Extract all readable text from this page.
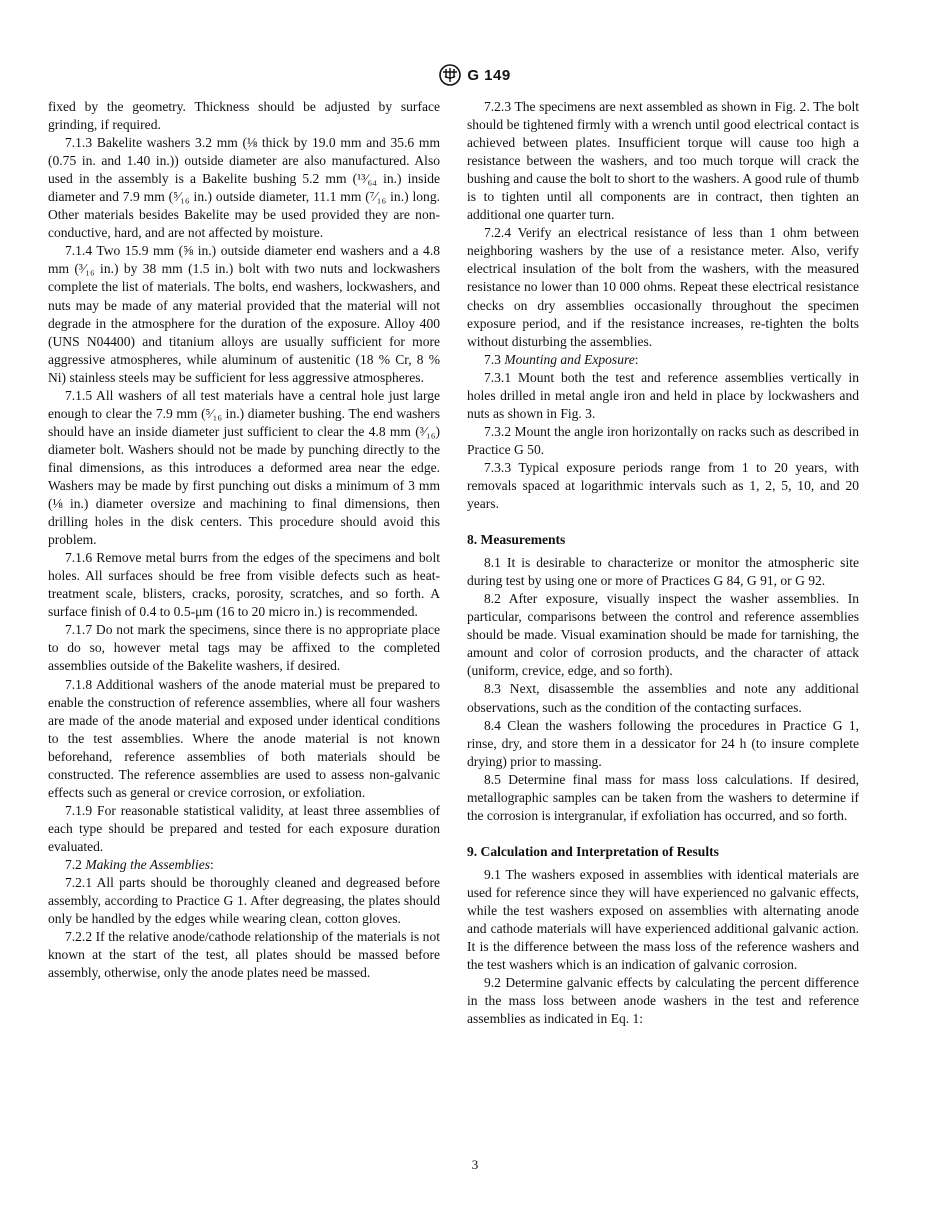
G 149

fixed by the geometry. Thickness should be adjusted by surface grinding, if required.

7.1.3 Bakelite washers 3.2 mm (⅛ thick by 19.0 mm and 35.6 mm (0.75 in. and 1.40 in.)) outside diameter are also manufactured. Also used in the assembly is a Bakelite bushing 5.2 mm (¹³⁄₆₄ in.) inside diameter and 7.9 mm (⁵⁄₁₆ in.) outside diameter, 11.1 mm (⁷⁄₁₆ in.) long. Other materials besides Bakelite may be used provided they are non-conductive, hard, and are not affected by moisture.

7.1.4 Two 15.9 mm (⅝ in.) outside diameter end washers and a 4.8 mm (³⁄₁₆ in.) by 38 mm (1.5 in.) bolt with two nuts and lockwashers complete the list of materials. The bolts, end washers, lockwashers, and nuts may be made of any material provided that the material will not degrade in the atmosphere for the duration of the exposure. Alloy 400 (UNS N04400) and titanium alloys are usually sufficient for more aggressive atmospheres, while aluminum of austenitic (18 % Cr, 8 % Ni) stainless steels may be sufficient for less aggressive atmospheres.

7.1.5 All washers of all test materials have a central hole just large enough to clear the 7.9 mm (⁵⁄₁₆ in.) diameter bushing. The end washers should have an inside diameter just sufficient to clear the 4.8 mm (³⁄₁₆) diameter bolt. Washers should not be made by punching directly to the final dimensions, as this introduces a deformed area near the edge. Washers may be made by first punching out disks a minimum of 3 mm (⅛ in.) diameter oversize and machining to final dimensions, then drilling holes in the disk centers. This procedure should avoid this problem.

7.1.6 Remove metal burrs from the edges of the specimens and bolt holes. All surfaces should be free from visible defects such as heat-treatment scale, blisters, cracks, porosity, scratches, and so forth. A surface finish of 0.4 to 0.5-μm (16 to 20 micro in.) is recommended.

7.1.7 Do not mark the specimens, since there is no appropriate place to do so, however metal tags may be affixed to the completed assemblies outside of the Bakelite washers, if desired.

7.1.8 Additional washers of the anode material must be prepared to enable the construction of reference assemblies, where all four washers are made of the anode material and exposed under identical conditions to the test assemblies. Where the anode material is not known beforehand, reference assemblies of both materials should be constructed. The reference assemblies are used to assess non-galvanic effects such as general or crevice corrosion, or exfoliation.

7.1.9 For reasonable statistical validity, at least three assemblies of each type should be prepared and tested for each exposure duration evaluated.

7.2 Making the Assemblies:

7.2.1 All parts should be thoroughly cleaned and degreased before assembly, according to Practice G 1. After degreasing, the plates should only be handled by the edges while wearing clean, cotton gloves.

7.2.2 If the relative anode/cathode relationship of the materials is not known at the start of the test, all plates should be massed before assembly, otherwise, only the anode plates need be massed.

7.2.3 The specimens are next assembled as shown in Fig. 2. The bolt should be tightened firmly with a wrench until good electrical contact is achieved between plates. Insufficient torque will cause too high a resistance between the washers, and too much torque will crack the bushing and cause the bolt to short to the washers. A good rule of thumb is to tighten until all components are in contract, then tighten an additional one quarter turn.

7.2.4 Verify an electrical resistance of less than 1 ohm between neighboring washers by the use of a resistance meter. Also, verify electrical insulation of the bolt from the washers, with the measured resistance no lower than 10 000 ohms. Repeat these electrical resistance checks on dry assemblies occasionally throughout the specimen exposure period, and if the resistance increases, re-tighten the bolts without disturbing the assemblies.

7.3 Mounting and Exposure:

7.3.1 Mount both the test and reference assemblies vertically in holes drilled in metal angle iron and held in place by lockwashers and nuts as shown in Fig. 3.

7.3.2 Mount the angle iron horizontally on racks such as described in Practice G 50.

7.3.3 Typical exposure periods range from 1 to 20 years, with removals spaced at logarithmic intervals such as 1, 2, 5, 10, and 20 years.

8. Measurements

8.1 It is desirable to characterize or monitor the atmospheric site during test by using one or more of Practices G 84, G 91, or G 92.

8.2 After exposure, visually inspect the washer assemblies. In particular, comparisons between the control and reference assemblies should be made. Visual examination should be made for tarnishing, the amount and color of corrosion products, and the character of attack (uniform, crevice, edge, and so forth).

8.3 Next, disassemble the assemblies and note any additional observations, such as the condition of the contacting surfaces.

8.4 Clean the washers following the procedures in Practice G 1, rinse, dry, and store them in a dessicator for 24 h (to insure complete drying) prior to massing.

8.5 Determine final mass for mass loss calculations. If desired, metallographic samples can be taken from the washers to determine if the corrosion is intergranular, if exfoliation has occurred, and so forth.

9. Calculation and Interpretation of Results

9.1 The washers exposed in assemblies with identical materials are used for reference since they will have experienced no galvanic effects, while the test washers exposed on assemblies with alternating anode and cathode materials will have experienced additional galvanic action. It is the difference between the mass loss of the reference washers and the test washers which is an indication of galvanic corrosion.

9.2 Determine galvanic effects by calculating the percent difference in the mass loss between anode washers in the test and reference assemblies as indicated in Eq. 1:

3
